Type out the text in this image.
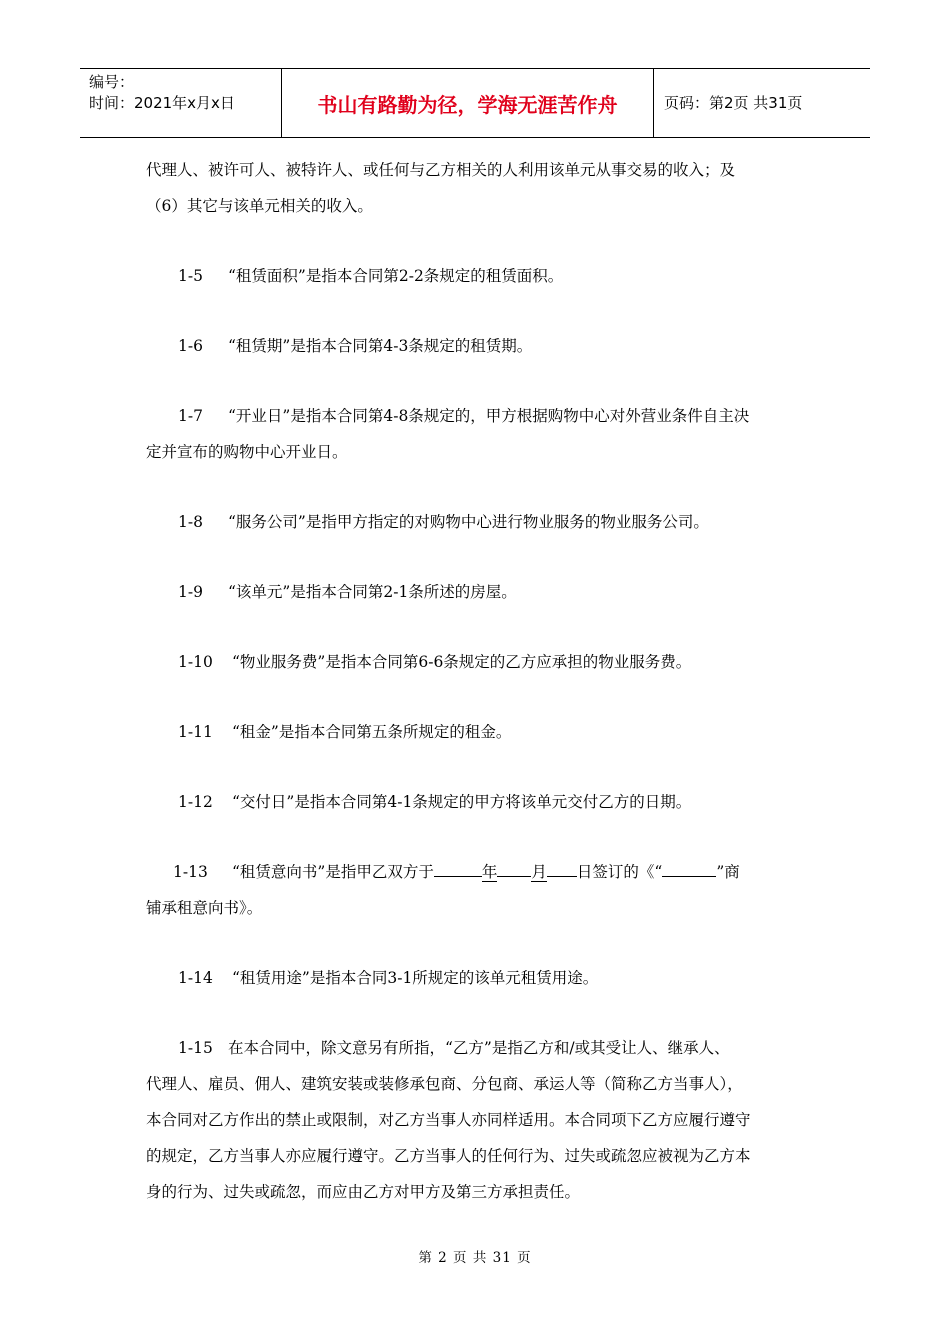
编号：
时间：2021年x月x日	书山有路勤为径，学海无涯苦作舟	页码：第2页 共31页

代理人、被许可人、被特许人、或任何与乙方相关的人利用该单元从事交易的收入；及

（6）其它与该单元相关的收入。

1-5 “租赁面积”是指本合同第2-2条规定的租赁面积。

1-6 “租赁期”是指本合同第4-3条规定的租赁期。

1-7 “开业日”是指本合同第4-8条规定的，甲方根据购物中心对外营业条件自主决

定并宣布的购物中心开业日。

1-8 “服务公司”是指甲方指定的对购物中心进行物业服务的物业服务公司。

1-9 “该单元”是指本合同第2-1条所述的房屋。

1-10 “物业服务费”是指本合同第6-6条规定的乙方应承担的物业服务费。

1-11 “租金”是指本合同第五条所规定的租金。

1-12 “交付日”是指本合同第4-1条规定的甲方将该单元交付乙方的日期。

1-13 “租赁意向书”是指甲乙双方于	年 月 日签订的《“	”商

铺承租意向书》。

1-14 “租赁用途”是指本合同3-1所规定的该单元租赁用途。

1-15 在本合同中，除文意另有所指，“乙方”是指乙方和/或其受让人、继承人、

代理人、雇员、佣人、建筑安装或装修承包商、分包商、承运人等（简称乙方当事人），

本合同对乙方作出的禁止或限制，对乙方当事人亦同样适用。本合同项下乙方应履行遵守

的规定，乙方当事人亦应履行遵守。乙方当事人的任何行为、过失或疏忽应被视为乙方本

身的行为、过失或疏忽，而应由乙方对甲方及第三方承担责任。

第 2 页 共 31 页
